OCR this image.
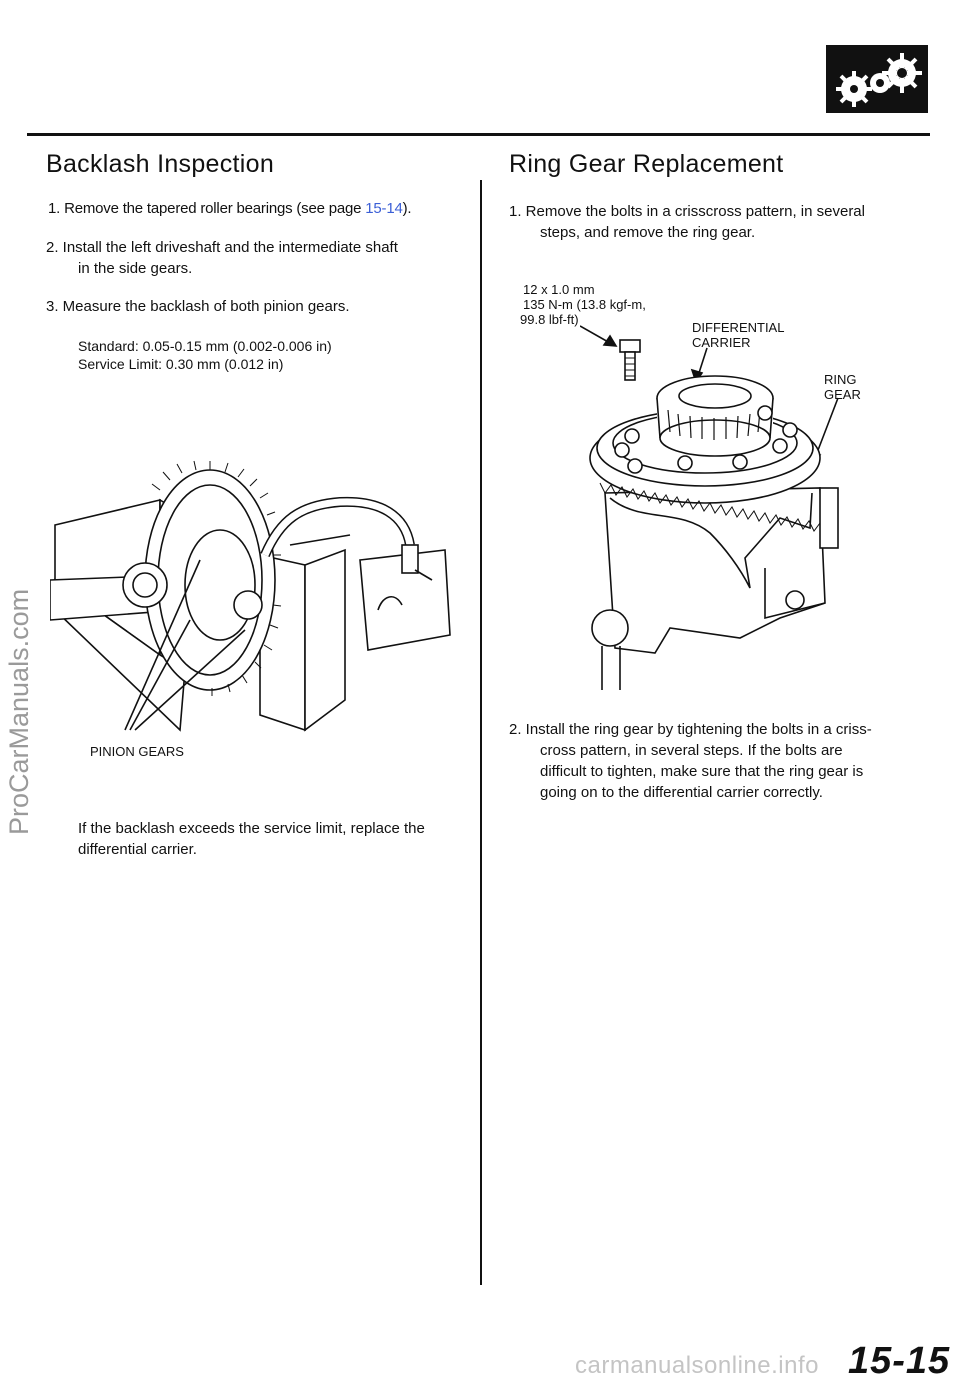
Backlash Inspection
1. Remove the tapered roller bearings (see page 15-14).
2. Install the left driveshaft and the intermediate shaft
in the side gears.
3. Measure the backlash of both pinion gears.
Standard: 0.05-0.15 mm (0.002-0.006 in)
Service Limit: 0.30 mm (0.012 in)
PINION GEARS
If the backlash exceeds the service limit, replace the
differential carrier.
Ring Gear Replacement
1. Remove the bolts in a crisscross pattern, in several
steps, and remove the ring gear.
12 x 1.0 mm
135 N-m (13.8 kgf-m,
99.8 lbf-ft)
DIFFERENTIAL
CARRIER
RING
GEAR
2. Install the ring gear by tightening the bolts in a criss-
cross pattern, in several steps. If the bolts are
difficult to tighten, make sure that the ring gear is
going on to the differential carrier correctly.
ProCarManuals.com
carmanualsonline.info 15-15
